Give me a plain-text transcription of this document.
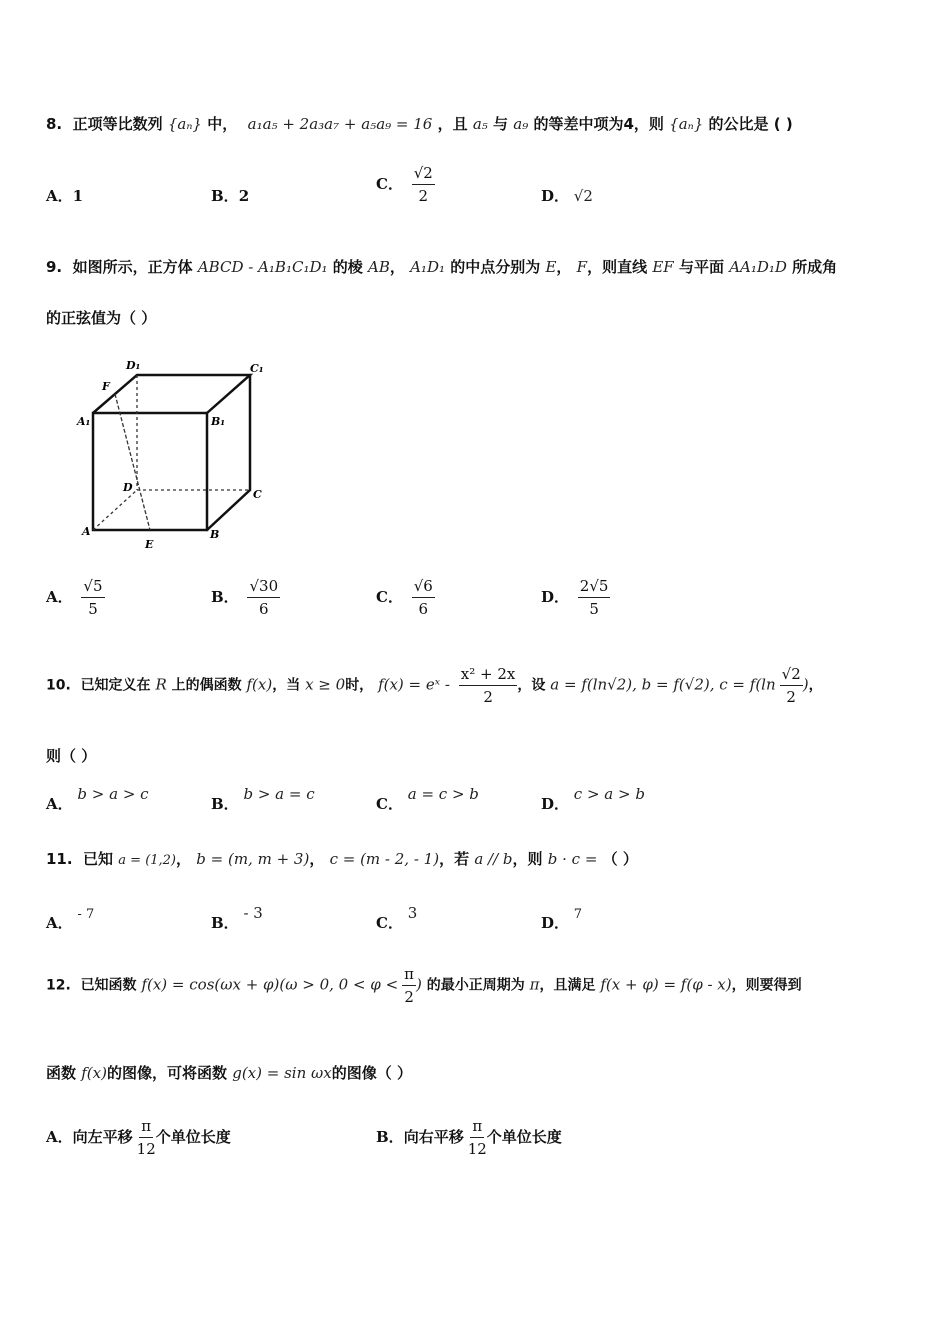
8. 正项等比数列 {aₙ} 中， a₁a₅ + 2a₃a₇ + a₅a₉ = 16 ，且 a₅ 与 a₉ 的等差中项为4，则 {aₙ} 的公比是 ( )
A．1	B．2
C． $\frac{√2}{2}$	D． √2
9. 如图所示，正方体 ABCD - A₁B₁C₁D₁ 的棱 AB， A₁D₁ 的中点分别为 E， F，则直线 EF 与平面 AA₁D₁D 所成角
的正弦值为（ ）
D₁	C₁
F
A₁	B₁
D
C
A
E
B
A． $\frac{√5}{5}$	B． $\frac{√30}{6}$	C． $\frac{√6}{6}$	D． $\frac{2√5}{5}$
10. 已知定义在 R 上的偶函数 f(x)，当 x ≥ 0时， f(x) = eˣ - $\frac{\text{x² + 2x}}{2}$ ，设 a = f(ln√2), b = f(√2), $c = f(\ln \frac{√2}{2}$ )，
则（ ）
A． b > a > c
B． b > a = c
C． a = c > b
D． c > a > b
11. 已知 a = (1,2)， b = (m, m + 3)， c = (m - 2, - 1)，若 a // b，则 b · c = （ ）
A． - 7	B． - 3
C． 3
D． 7
12. 已知函数 f(x) = cos(ωx + φ)(ω > 0, $0 < \varphi < \frac{\pi}{2}$ ) 的最小正周期为 π，且满足 f(x + φ) = f(φ - x)，则要得到
函数 f(x)的图像，可将函数 g(x) = sin ωx的图像（ ）
A．向左平移 $\frac{\pi}{12}$ 个单位长度	B．向右平移 $\frac{\pi}{12}$ 个单位长度
